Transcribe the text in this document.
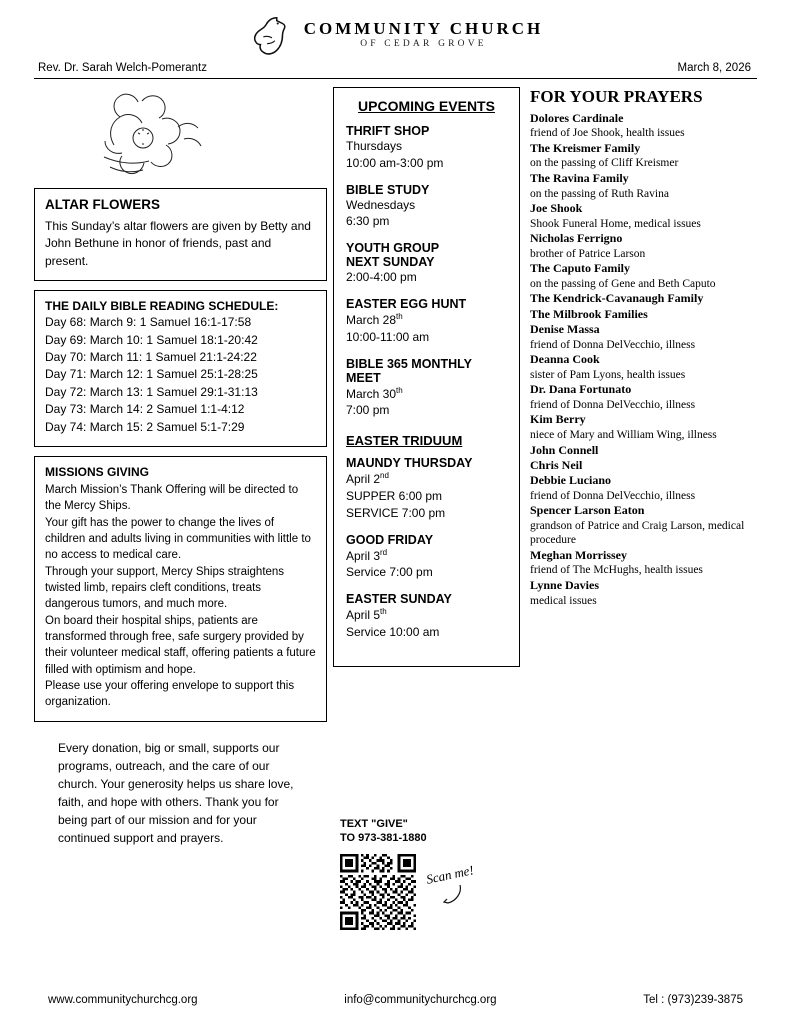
COMMUNITY CHURCH
OF CEDAR GROVE
Rev. Dr. Sarah Welch-Pomerantz	March 8, 2026
ALTAR FLOWERS

This Sunday’s altar flowers are given by Betty and John Bethune in honor of friends, past and present.

THE DAILY BIBLE READING SCHEDULE:
Day 68: March 9: 1 Samuel 16:1-17:58
Day 69: March 10: 1 Samuel 18:1-20:42
Day 70: March 11: 1 Samuel 21:1-24:22
Day 71: March 12: 1 Samuel 25:1-28:25
Day 72: March 13: 1 Samuel 29:1-31:13
Day 73: March 14: 2 Samuel 1:1-4:12
Day 74: March 15: 2 Samuel 5:1-7:29
MISSIONS GIVING

March Mission’s Thank Offering will be directed to the Mercy Ships.

Your gift has the power to change the lives of children and adults living in communities with little to no access to medical care.

Through your support, Mercy Ships straightens twisted limb, repairs cleft conditions, treats dangerous tumors, and much more.

On board their hospital ships, patients are transformed through free, safe surgery provided by their volunteer medical staff, offering patients a future filled with optimism and hope.

Please use your offering envelope to support this organization.

Every donation, big or small, supports our programs, outreach, and the care of our church. Your generosity helps us share love, faith, and hope with others. Thank you for being part of our mission and for your continued support and prayers.
UPCOMING EVENTS
THRIFT SHOP
Thursdays
10:00 am-3:00 pm
BIBLE STUDY
Wednesdays
6:30 pm
YOUTH GROUP
NEXT SUNDAY
2:00-4:00 pm
EASTER EGG HUNT
March 28th
10:00-11:00 am
BIBLE 365 MONTHLY MEET
March 30th
7:00 pm
EASTER TRIDUUM
MAUNDY THURSDAY
April 2nd
SUPPER 6:00 pm
SERVICE 7:00 pm
GOOD FRIDAY
April 3rd
Service 7:00 pm
EASTER SUNDAY
April 5th
Service 10:00 am
FOR YOUR PRAYERS
Dolores Cardinale
friend of Joe Shook, health issues
The Kreismer Family
on the passing of Cliff Kreismer
The Ravina Family
on the passing of Ruth Ravina
Joe Shook
Shook Funeral Home, medical issues
Nicholas Ferrigno
brother of Patrice Larson
The Caputo Family
on the passing of Gene and Beth Caputo
The Kendrick-Cavanaugh Family
The Milbrook Families
Denise Massa
friend of Donna DelVecchio, illness
Deanna Cook
sister of Pam Lyons, health issues
Dr. Dana Fortunato
friend of Donna DelVecchio, illness
Kim Berry
niece of Mary and William Wing, illness
John Connell
Chris Neil
Debbie Luciano
friend of Donna DelVecchio, illness
Spencer Larson Eaton
grandson of Patrice and Craig Larson, medical procedure
Meghan Morrissey
friend of The McHughs, health issues
Lynne Davies
medical issues
TEXT "GIVE"
TO 973-381-1880
Scan me!
www.communitychurchcg.org	info@communitychurchcg.org	Tel : (973)239-3875
